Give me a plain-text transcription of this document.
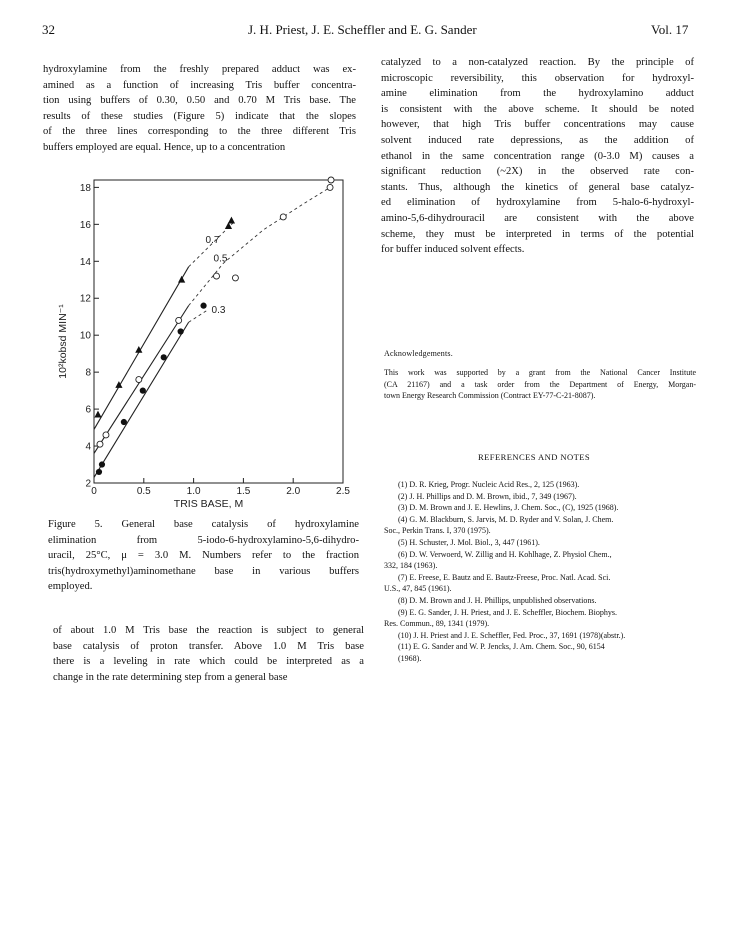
32	J. H. Priest, J. E. Scheffler and E. G. Sander	Vol. 17
hydroxylamine from the freshly prepared adduct was ex-
amined as a function of increasing Tris buffer concentra-
tion using buffers of 0.30, 0.50 and 0.70 M Tris base. The
results of these studies (Figure 5) indicate that the slopes
of the three lines corresponding to the three different Tris
buffers employed are equal. Hence, up to a concentration
0	0.5	1.0	1.5	2.0	2.5
2
4
6
8
10
12
14
16
18
TRIS BASE, M
10²kobsd MIN⁻¹
0.7
0.5
0.3
Figure 5. General base catalysis of hydroxylamine
elimination from 5-iodo-6-hydroxylamino-5,6-dihydro-
uracil, 25°C, μ = 3.0 M. Numbers refer to the fraction
tris(hydroxymethyl)aminomethane base in various buffers
employed.
of about 1.0 M Tris base the reaction is subject to general
base catalysis of proton transfer. Above 1.0 M Tris base
there is a leveling in rate which could be interpreted as a
change in the rate determining step from a general base
catalyzed to a non-catalyzed reaction. By the principle of
microscopic reversibility, this observation for hydroxyl-
amine elimination from the hydroxylamino adduct
is consistent with the above scheme. It should be noted
however, that high Tris buffer concentrations may cause
solvent induced rate depressions, as the addition of
ethanol in the same concentration range (0-3.0 M) causes a
significant reduction (~2X) in the observed rate con-
stants. Thus, although the kinetics of general base catalyz-
ed elimination of hydroxylamine from 5-halo-6-hydroxyl-
amino-5,6-dihydrouracil are consistent with the above
scheme, they must be interpreted in terms of the potential
for buffer induced solvent effects.
Acknowledgements.
This work was supported by a grant from the National Cancer Institute
(CA 21167) and a task order from the Department of Energy, Morgan-
town Energy Research Commission (Contract EY-77-C-21-8087).
REFERENCES AND NOTES
(1) D. R. Krieg, Progr. Nucleic Acid Res., 2, 125 (1963).
(2) J. H. Phillips and D. M. Brown, ibid., 7, 349 (1967).
(3) D. M. Brown and J. E. Hewlins, J. Chem. Soc., (C), 1925 (1968).
(4) G. M. Blackburn, S. Jarvis, M. D. Ryder and V. Solan, J. Chem.
Soc., Perkin Trans. I, 370 (1975).
(5) H. Schuster, J. Mol. Biol., 3, 447 (1961).
(6) D. W. Verwoerd, W. Zillig and H. Kohlhage, Z. Physiol Chem.,
332, 184 (1963).
(7) E. Freese, E. Bautz and E. Bautz-Freese, Proc. Natl. Acad. Sci.
U.S., 47, 845 (1961).
(8) D. M. Brown and J. H. Phillips, unpublished observations.
(9) E. G. Sander, J. H. Priest, and J. E. Scheffler, Biochem. Biophys.
Res. Commun., 89, 1341 (1979).
(10) J. H. Priest and J. E. Scheffler, Fed. Proc., 37, 1691 (1978)(abstr.).
(11) E. G. Sander and W. P. Jencks, J. Am. Chem. Soc., 90, 6154
(1968).
